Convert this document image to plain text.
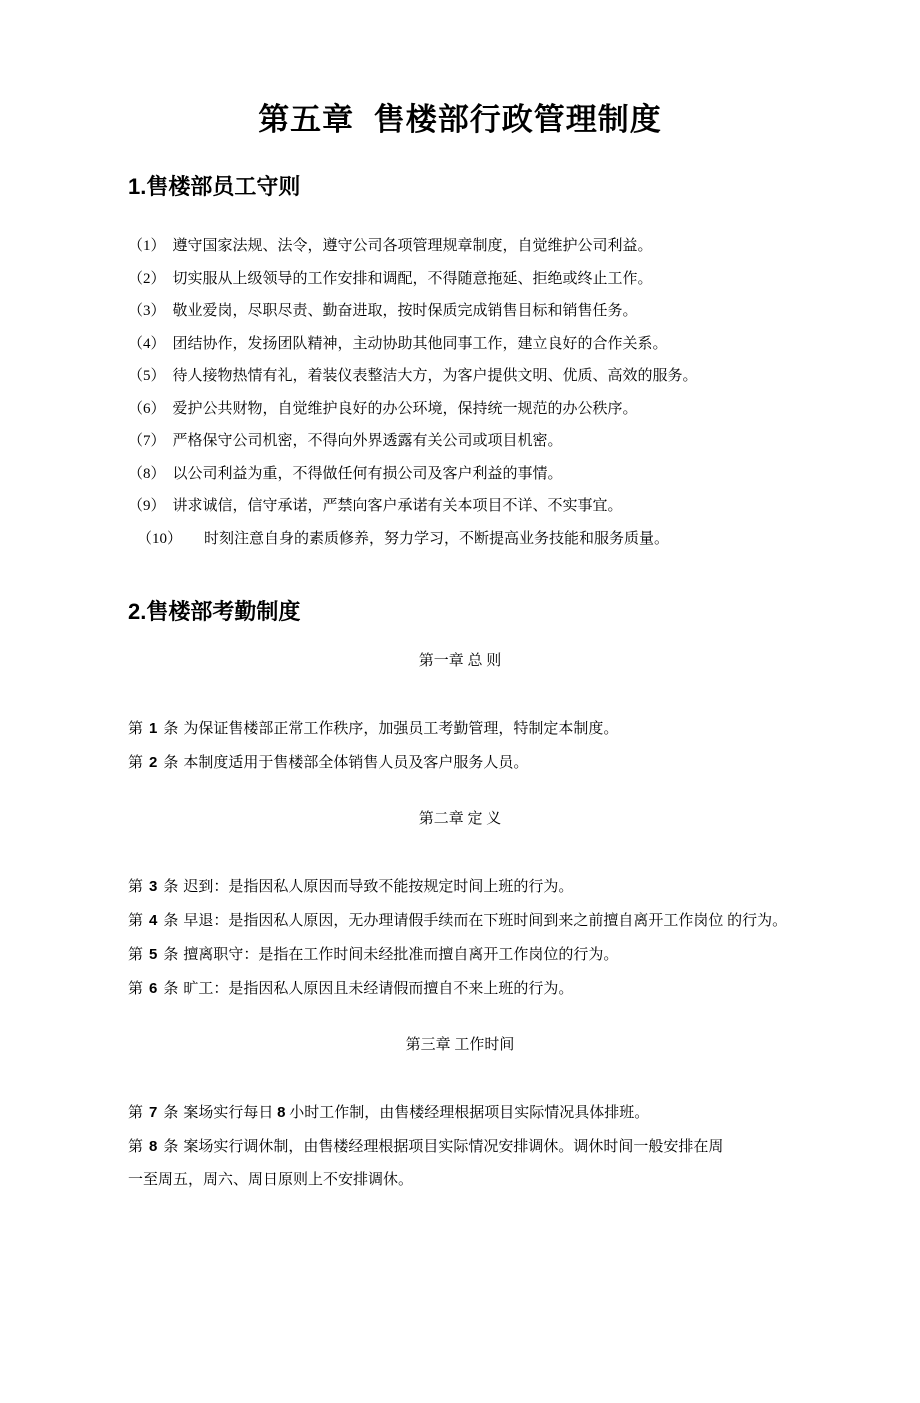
第五章 售楼部行政管理制度
1.售楼部员工守则
（1） 遵守国家法规、法令，遵守公司各项管理规章制度，自觉维护公司利益。
（2） 切实服从上级领导的工作安排和调配，不得随意拖延、拒绝或终止工作。
（3） 敬业爱岗，尽职尽责、勤奋进取，按时保质完成销售目标和销售任务。
（4） 团结协作，发扬团队精神，主动协助其他同事工作，建立良好的合作关系。
（5） 待人接物热情有礼，着装仪表整洁大方，为客户提供文明、优质、高效的服务。
（6） 爱护公共财物，自觉维护良好的办公环境，保持统一规范的办公秩序。
（7） 严格保守公司机密，不得向外界透露有关公司或项目机密。
（8） 以公司利益为重，不得做任何有损公司及客户利益的事情。
（9） 讲求诚信，信守承诺，严禁向客户承诺有关本项目不详、不实事宜。
（10） 时刻注意自身的素质修养，努力学习，不断提高业务技能和服务质量。
2.售楼部考勤制度
第一章 总 则
第 1 条 为保证售楼部正常工作秩序，加强员工考勤管理，特制定本制度。
第 2 条 本制度适用于售楼部全体销售人员及客户服务人员。
第二章 定 义
第 3 条 迟到：是指因私人原因而导致不能按规定时间上班的行为。
第 4 条 早退：是指因私人原因，无办理请假手续而在下班时间到来之前擅自离开工作岗位 的行为。
第 5 条 擅离职守：是指在工作时间未经批准而擅自离开工作岗位的行为。
第 6 条 旷工：是指因私人原因且未经请假而擅自不来上班的行为。
第三章 工作时间
第 7 条 案场实行每日 8 小时工作制，由售楼经理根据项目实际情况具体排班。
第 8 条 案场实行调休制，由售楼经理根据项目实际情况安排调休。调休时间一般安排在周
一至周五，周六、周日原则上不安排调休。
